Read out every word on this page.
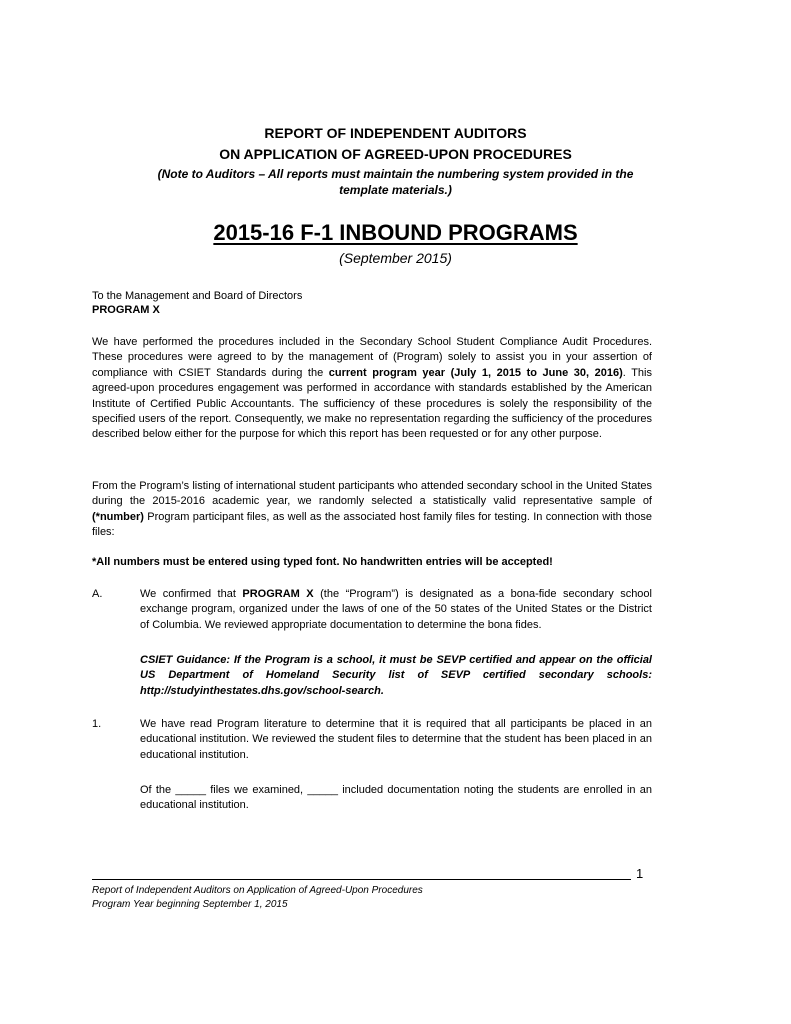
REPORT OF INDEPENDENT AUDITORS
ON APPLICATION OF AGREED-UPON PROCEDURES
(Note to Auditors – All reports must maintain the numbering system provided in the
template materials.)
2015-16 F-1 INBOUND PROGRAMS
(September 2015)
To the Management and Board of Directors
PROGRAM X

We have performed the procedures included in the Secondary School Student Compliance Audit Procedures. These procedures were agreed to by the management of (Program) solely to assist you in your assertion of compliance with CSIET Standards during the current program year (July 1, 2015 to June 30, 2016). This agreed-upon procedures engagement was performed in accordance with standards established by the American Institute of Certified Public Accountants. The sufficiency of these procedures is solely the responsibility of the specified users of the report. Consequently, we make no representation regarding the sufficiency of the procedures described below either for the purpose for which this report has been requested or for any other purpose.

From the Program’s listing of international student participants who attended secondary school in the United States during the 2015-2016 academic year, we randomly selected a statistically valid representative sample of (*number) Program participant files, as well as the associated host family files for testing. In connection with those files:

*All numbers must be entered using typed font. No handwritten entries will be accepted!

A.	We confirmed that PROGRAM X (the “Program”) is designated as a bona-fide secondary school exchange program, organized under the laws of one of the 50 states of the United States or the District of Columbia. We reviewed appropriate documentation to determine the bona fides.

CSIET Guidance: If the Program is a school, it must be SEVP certified and appear on the official US Department of Homeland Security list of SEVP certified secondary schools: http://studyinthestates.dhs.gov/school-search.

1.	We have read Program literature to determine that it is required that all participants be placed in an educational institution. We reviewed the student files to determine that the student has been placed in an educational institution.

Of the _____ files we examined, _____ included documentation noting the students are enrolled in an educational institution.

1
Report of Independent Auditors on Application of Agreed-Upon Procedures
Program Year beginning September 1, 2015
